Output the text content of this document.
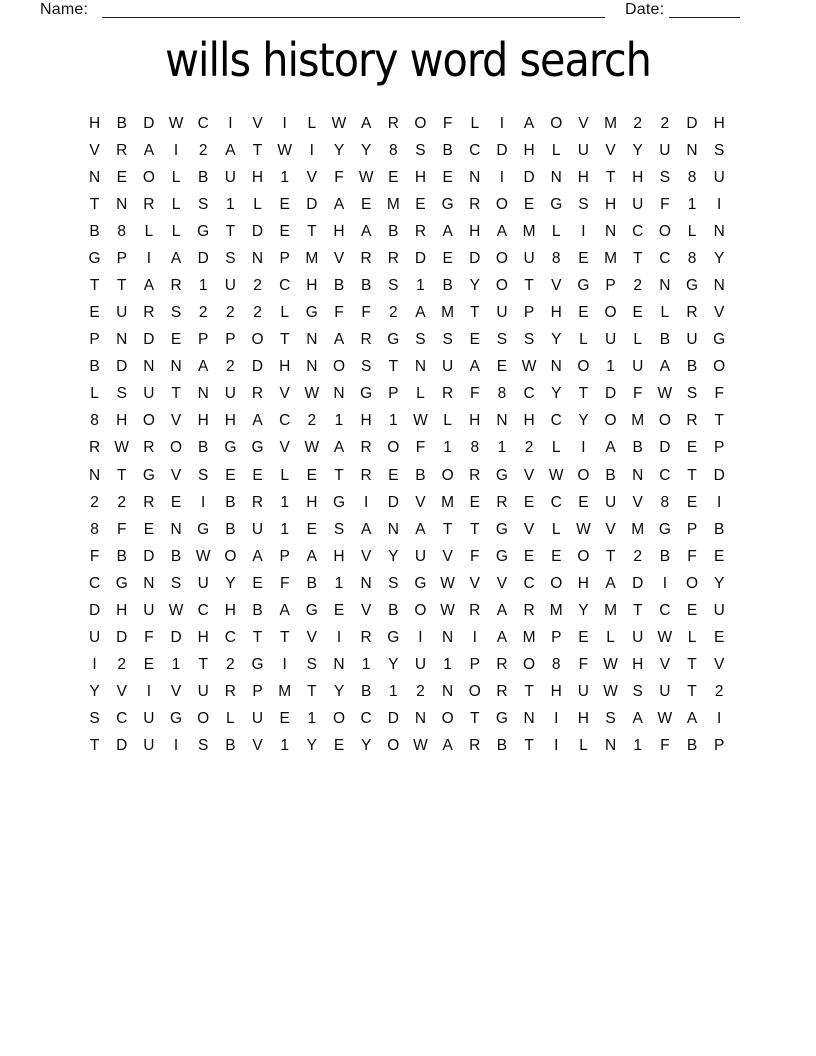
Name:	Date:
wills history word search
H	B	D W C	I	V	I	L	W A	R	O	F	L	I	A	O	V	M	2	2	D	H
V	R	A	I	2	A	T W	I	Y	Y	8	S	B	C	D	H	L	U	V	Y	U	N	S
N	E	O	L	B	U	H	1	V	F W E	H	E	N	I	D	N	H	T	H	S	8	U
T	N	R	L	S	1	L	E	D	A	E	M	E	G	R	O	E	G	S	H	U	F	1	I
B	8	L	L	G	T	D	E	T	H	A	B	R	A	H	A	M	L	I	N	C	O	L	N
G	P	I	A	D	S	N	P	M	V	R	R	D	E	D	O	U	8	E	M	T	C	8	Y
T	T	A	R	1	U	2	C	H	B	B	S	1	B	Y	O	T	V	G	P	2	N	G	N
E	U	R	S	2	2	2	L	G	F	F	2	A	M	T	U	P	H	E	O	E	L	R	V
P	N	D	E	P	P	O	T	N	A	R	G	S	S	E	S	S	Y	L	U	L	B	U	G
B	D	N	N	A	2	D	H	N	O	S	T	N	U	A	E W N	O	1	U	A	B	O
L	S	U	T	N	U	R	V W N	G	P	L	R	F	8	C	Y	T	D	F W S	F
8	H	O	V	H	H	A	C	2	1	H	1	W	L	H	N	H	C	Y	O M O	R	T
R W R	O	B	G G	V W A	R	O	F	1	8	1	2	L	I	A	B	D	E	P
N	T	G	V	S	E	E	L	E	T	R	E	B	O	R	G	V W O	B	N	C	T	D
2	2	R	E	I	B	R	1	H	G	I	D	V	M	E	R	E	C	E	U	V	8	E	I
8	F	E	N	G	B	U	1	E	S	A	N	A	T	T	G	V	L	W V	M G	P	B
F	B	D	B W O	A	P	A	H	V	Y	U	V	F	G	E	E	O	T	2	B	F	E
C	G	N	S	U	Y	E	F	B	1	N	S	G W V	V	C	O	H	A	D	I	O	Y
D	H	U W C	H	B	A	G	E	V	B	O W R	A	R M	Y	M	T	C	E	U
U	D	F	D	H	C	T	T	V	I	R	G	I	N	I	A	M	P	E	L	U W	L	E
I	2	E	1	T	2	G	I	S	N	1	Y	U	1	P	R	O	8	F W H	V	T	V
Y	V	I	V	U	R	P	M	T	Y	B	1	2	N	O	R	T	H	U W S	U	T	2
S	C	U	G O	L	U	E	1	O	C	D	N	O	T	G	N	I	H	S	A W A	I
T	D	U	I	S	B	V	1	Y	E	Y	O W A	R	B	T	I	L	N	1	F	B	P
